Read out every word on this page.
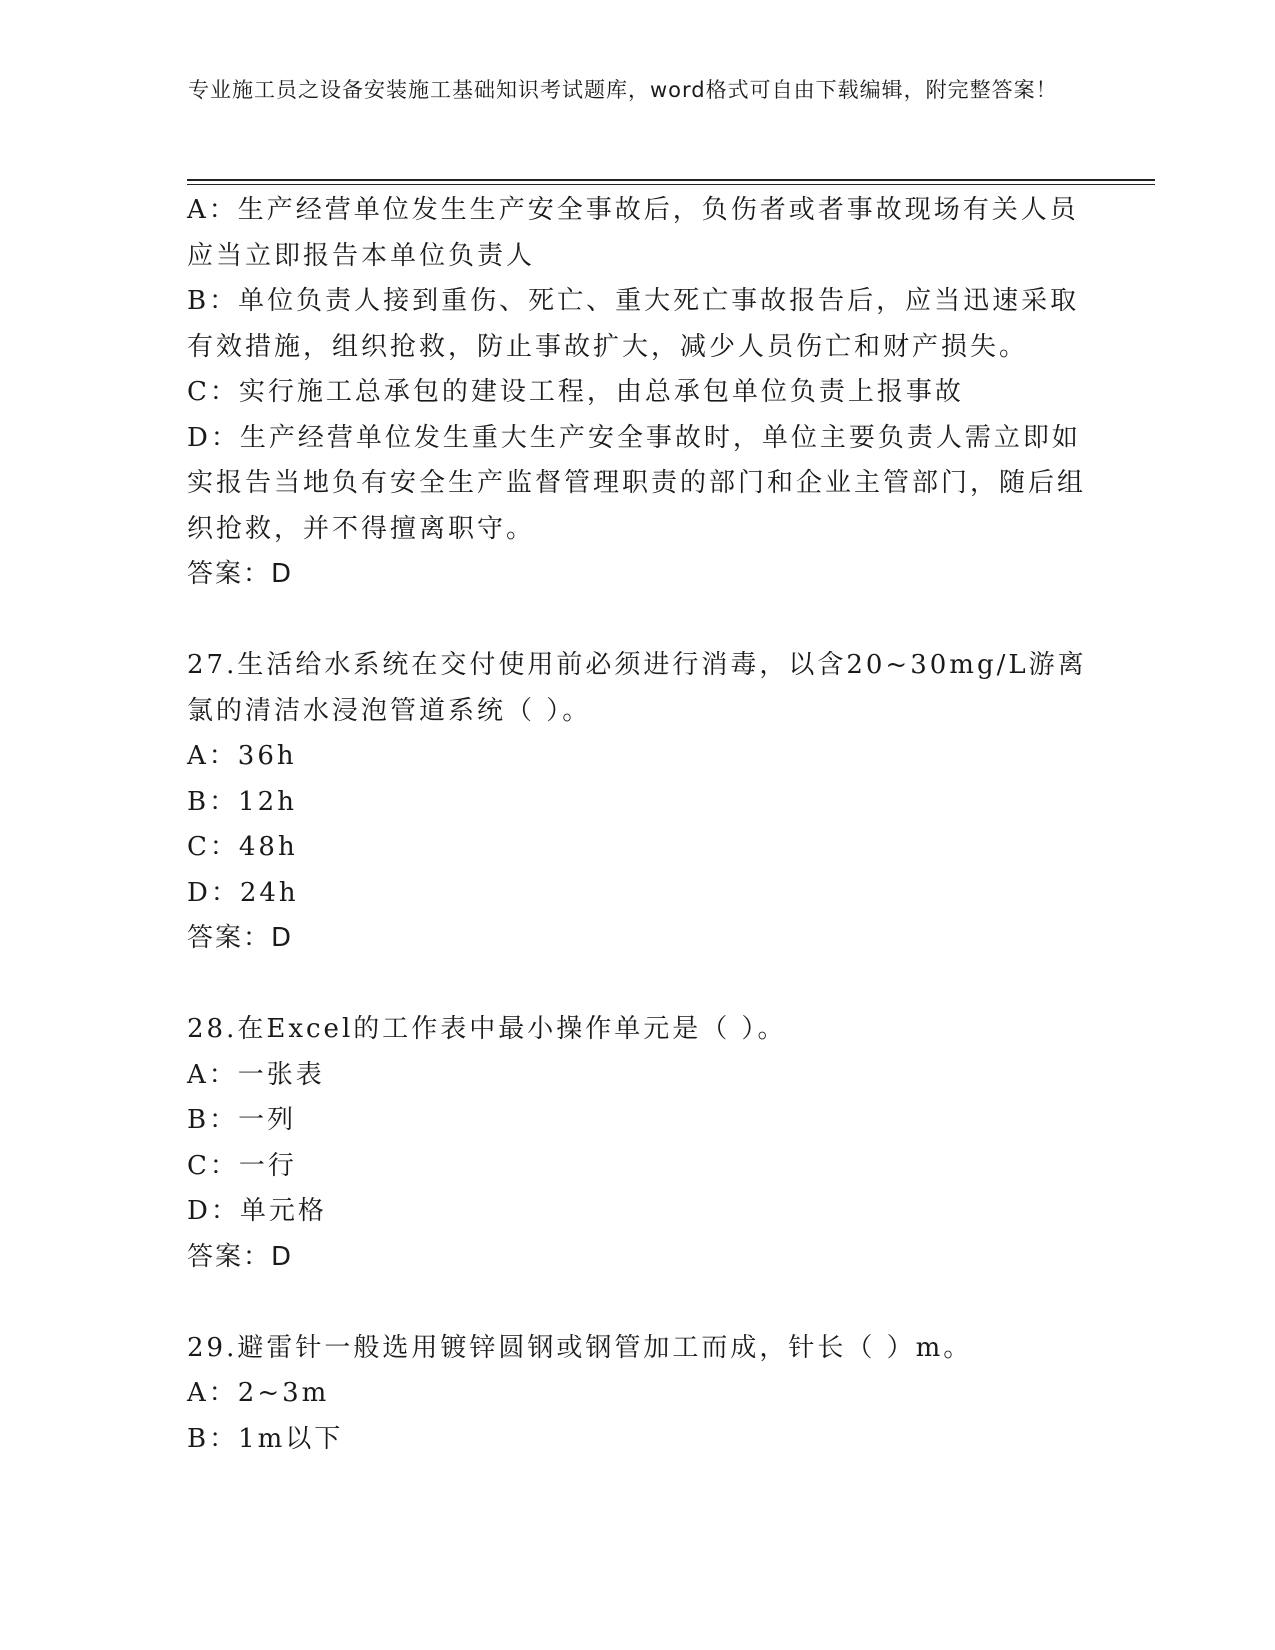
专业施工员之设备安装施工基础知识考试题库，word格式可自由下载编辑，附完整答案！
A：生产经营单位发生生产安全事故后，负伤者或者事故现场有关人员应当立即报告本单位负责人
B：单位负责人接到重伤、死亡、重大死亡事故报告后，应当迅速采取有效措施，组织抢救，防止事故扩大，减少人员伤亡和财产损失。
C：实行施工总承包的建设工程，由总承包单位负责上报事故
D：生产经营单位发生重大生产安全事故时，单位主要负责人需立即如实报告当地负有安全生产监督管理职责的部门和企业主管部门，随后组织抢救，并不得擅离职守。
答案：D
27.生活给水系统在交付使用前必须进行消毒，以含20~30mg/L游离氯的清洁水浸泡管道系统（ ）。
A：36h
B：12h
C：48h
D：24h
答案：D
28.在Excel的工作表中最小操作单元是（ ）。
A：一张表
B：一列
C：一行
D：单元格
答案：D
29.避雷针一般选用镀锌圆钢或钢管加工而成，针长（ ）m。
A：2~3m
B：1m以下
